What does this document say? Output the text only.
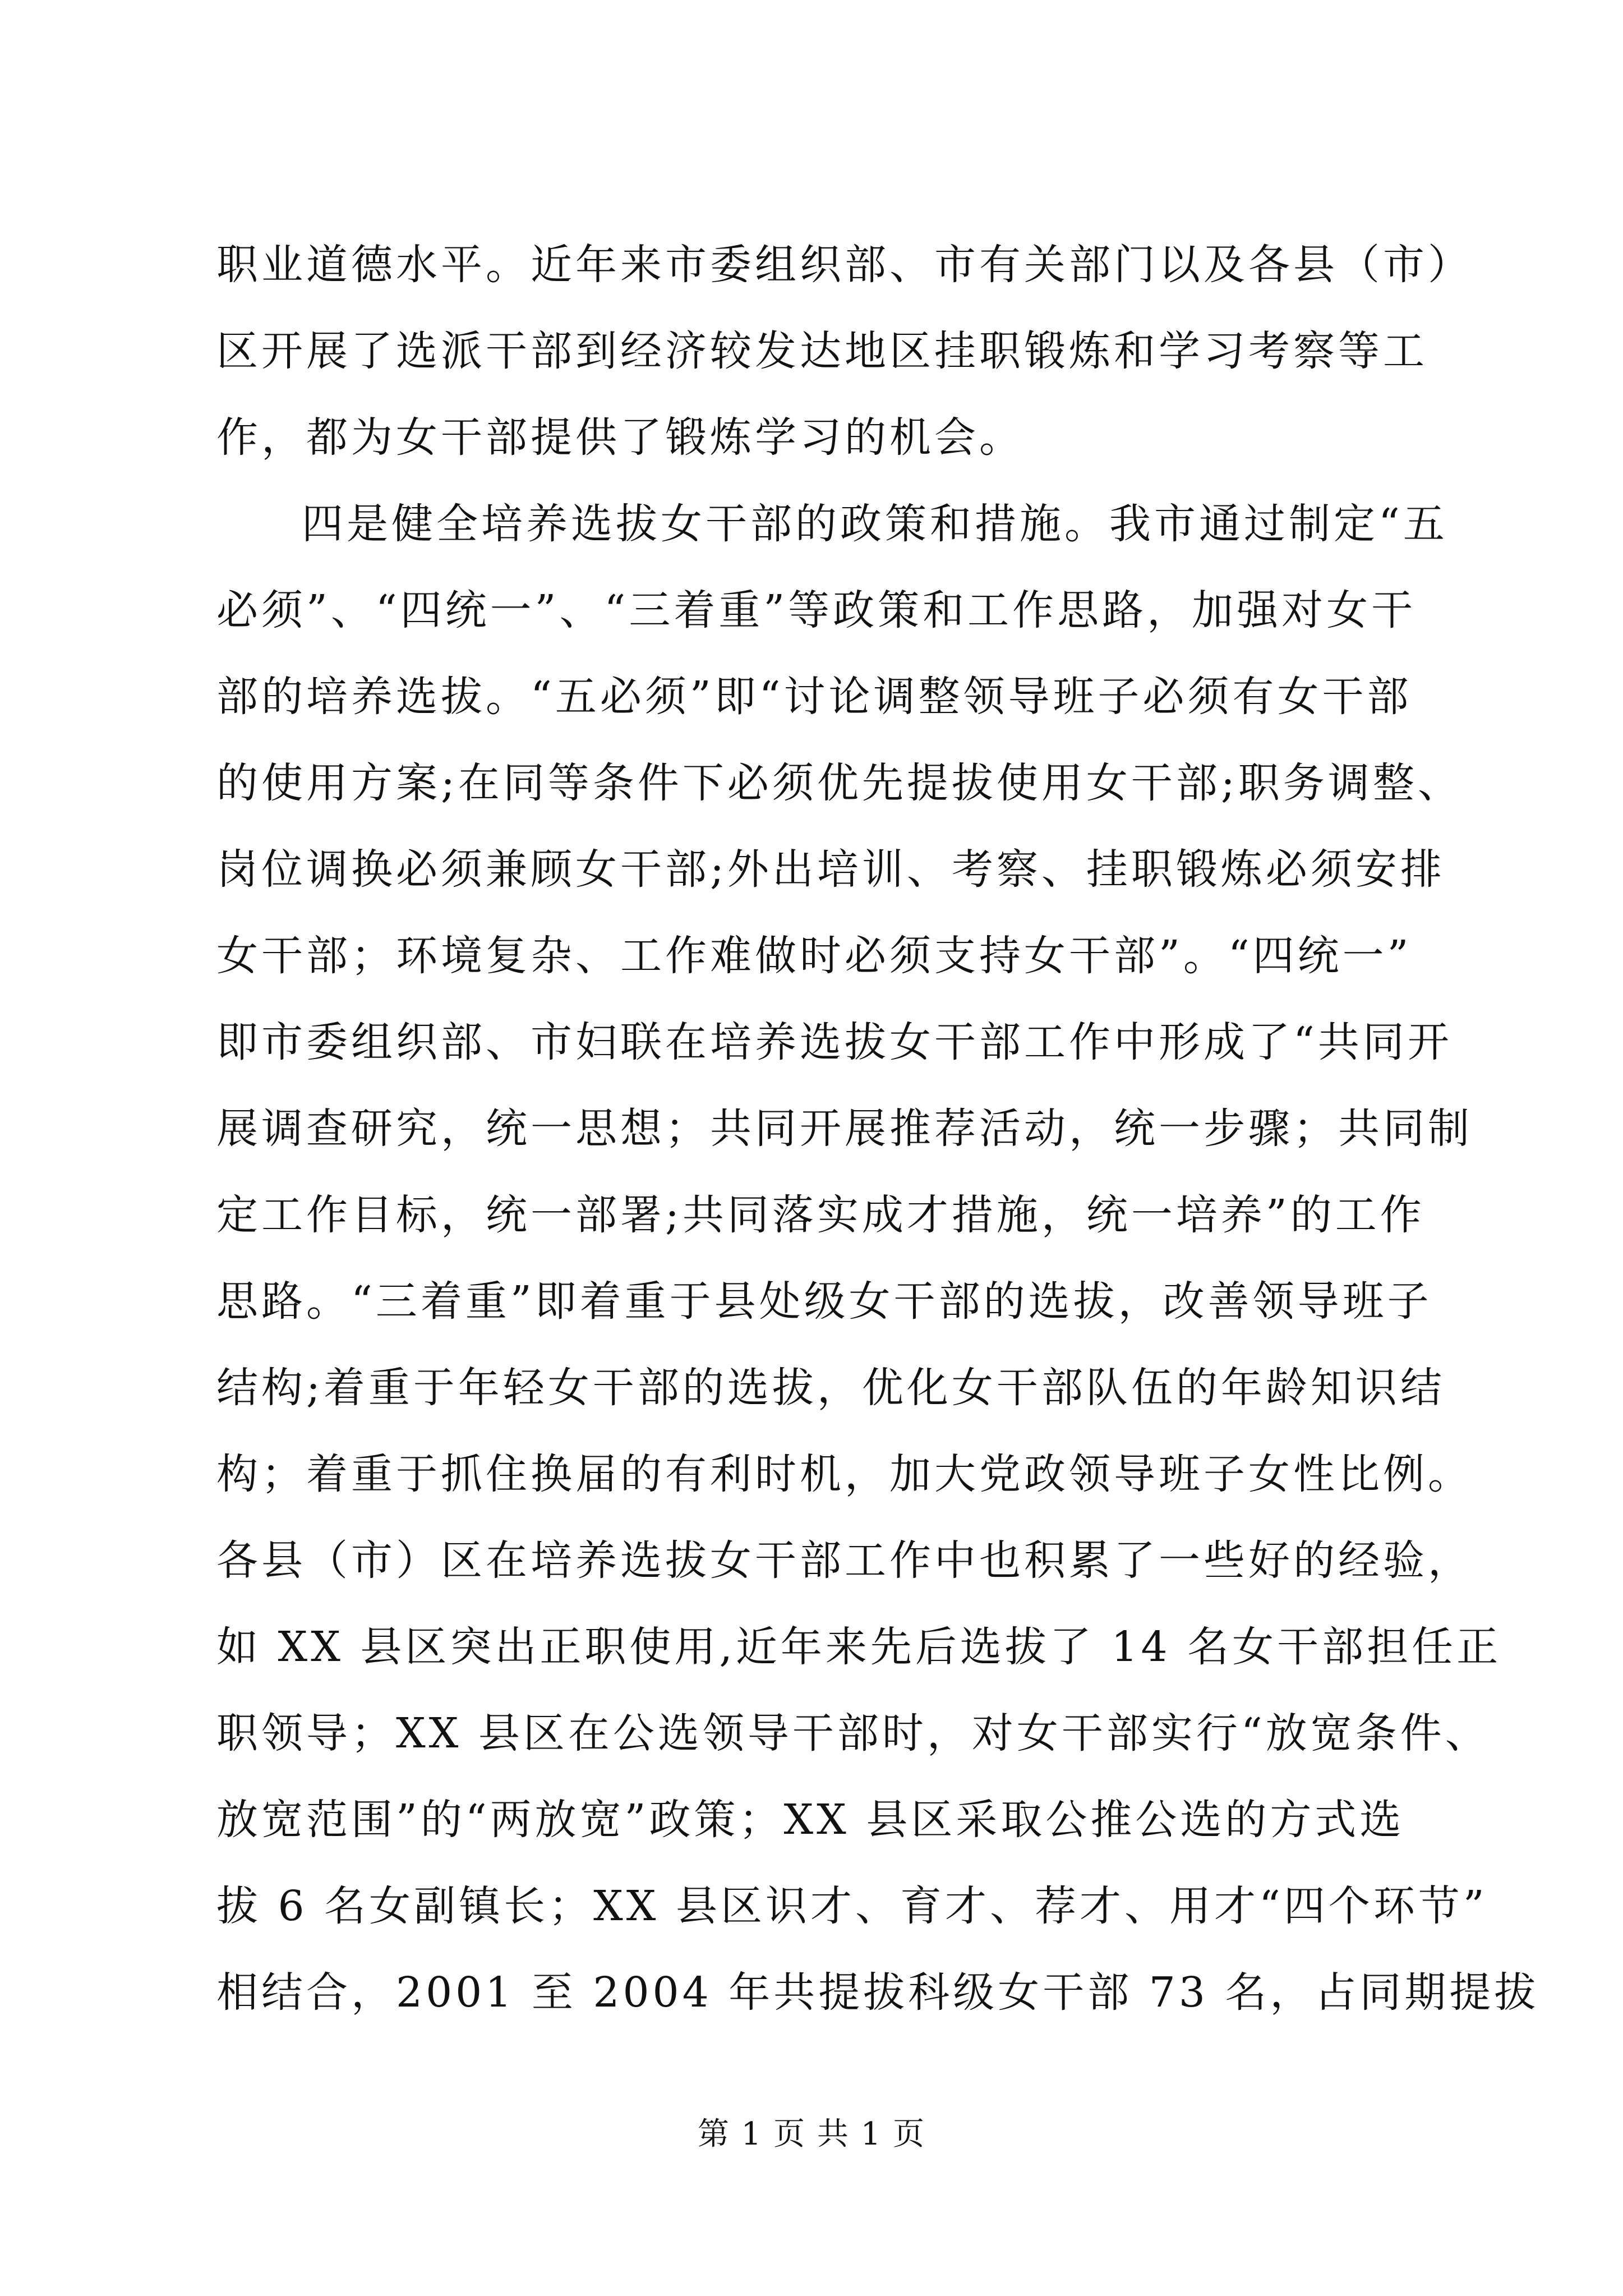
职业道德水平。近年来市委组织部、市有关部门以及各县（市）
区开展了选派干部到经济较发达地区挂职锻炼和学习考察等工
作，都为女干部提供了锻炼学习的机会。
四是健全培养选拔女干部的政策和措施。我市通过制定“五
必须”、“四统一”、“三着重”等政策和工作思路，加强对女干
部的培养选拔。“五必须”即“讨论调整领导班子必须有女干部
的使用方案;在同等条件下必须优先提拔使用女干部;职务调整、
岗位调换必须兼顾女干部;外出培训、考察、挂职锻炼必须安排
女干部；环境复杂、工作难做时必须支持女干部”。“四统一”
即市委组织部、市妇联在培养选拔女干部工作中形成了“共同开
展调查研究，统一思想；共同开展推荐活动，统一步骤；共同制
定工作目标，统一部署;共同落实成才措施，统一培养”的工作
思路。“三着重”即着重于县处级女干部的选拔，改善领导班子
结构;着重于年轻女干部的选拔，优化女干部队伍的年龄知识结
构；着重于抓住换届的有利时机，加大党政领导班子女性比例。
各县（市）区在培养选拔女干部工作中也积累了一些好的经验，
如 XX 县区突出正职使用,近年来先后选拔了 14 名女干部担任正
职领导；XX 县区在公选领导干部时，对女干部实行“放宽条件、
放宽范围”的“两放宽”政策；XX 县区采取公推公选的方式选
拔 6 名女副镇长；XX 县区识才、育才、荐才、用才“四个环节”
相结合，2001 至 2004 年共提拔科级女干部 73 名，占同期提拔
第 1 页 共 1 页
